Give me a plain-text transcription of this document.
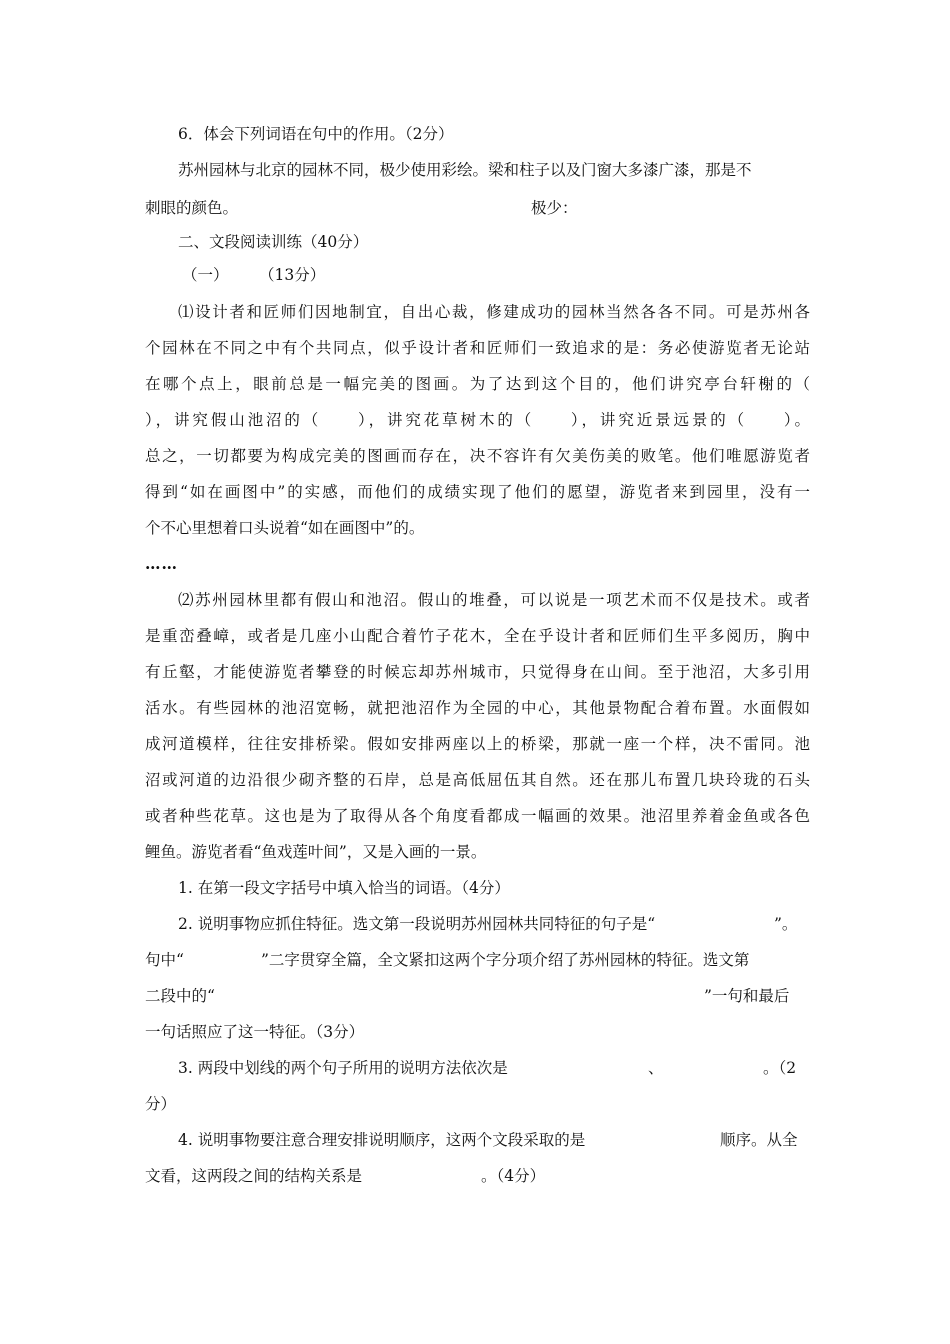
6．体会下列词语在句中的作用。（2分）
苏州园林与北京的园林不同，极少使用彩绘。梁和柱子以及门窗大多漆广漆，那是不
刺眼的颜色。	极少：
二、文段阅读训练（40分）
（一） （13分）
⑴设计者和匠师们因地制宜，自出心裁，修建成功的园林当然各各不同。可是苏州各
个园林在不同之中有个共同点，似乎设计者和匠师们一致追求的是：务必使游览者无论站
在哪个点上，眼前总是一幅完美的图画。为了达到这个目的，他们讲究亭台轩榭的（
），讲究假山池沼的（　　），讲究花草树木的（　　），讲究近景远景的（　　）。
总之，一切都要为构成完美的图画而存在，决不容许有欠美伤美的败笔。他们唯愿游览者
得到“如在画图中”的实感，而他们的成绩实现了他们的愿望，游览者来到园里，没有一
个不心里想着口头说着“如在画图中”的。
……
⑵苏州园林里都有假山和池沼。假山的堆叠，可以说是一项艺术而不仅是技术。或者
是重峦叠嶂，或者是几座小山配合着竹子花木，全在乎设计者和匠师们生平多阅历，胸中
有丘壑，才能使游览者攀登的时候忘却苏州城市，只觉得身在山间。至于池沼，大多引用
活水。有些园林的池沼宽畅，就把池沼作为全园的中心，其他景物配合着布置。水面假如
成河道模样，往往安排桥梁。假如安排两座以上的桥梁，那就一座一个样，决不雷同。池
沼或河道的边沿很少砌齐整的石岸，总是高低屈伍其自然。还在那儿布置几块玲珑的石头
或者种些花草。这也是为了取得从各个角度看都成一幅画的效果。池沼里养着金鱼或各色
鲤鱼。游览者看“鱼戏莲叶间”，又是入画的一景。
1. 在第一段文字括号中填入恰当的词语。（4分）
2. 说明事物应抓住特征。选文第一段说明苏州园林共同特征的句子是“	”。
句中“	”二字贯穿全篇，全文紧扣这两个字分项介绍了苏州园林的特征。选文第
二段中的“	”一句和最后
一句话照应了这一特征。（3分）
3. 两段中划线的两个句子所用的说明方法依次是	、	。（2
分）
4. 说明事物要注意合理安排说明顺序，这两个文段采取的是	顺序。从全
文看，这两段之间的结构关系是	。（4分）
